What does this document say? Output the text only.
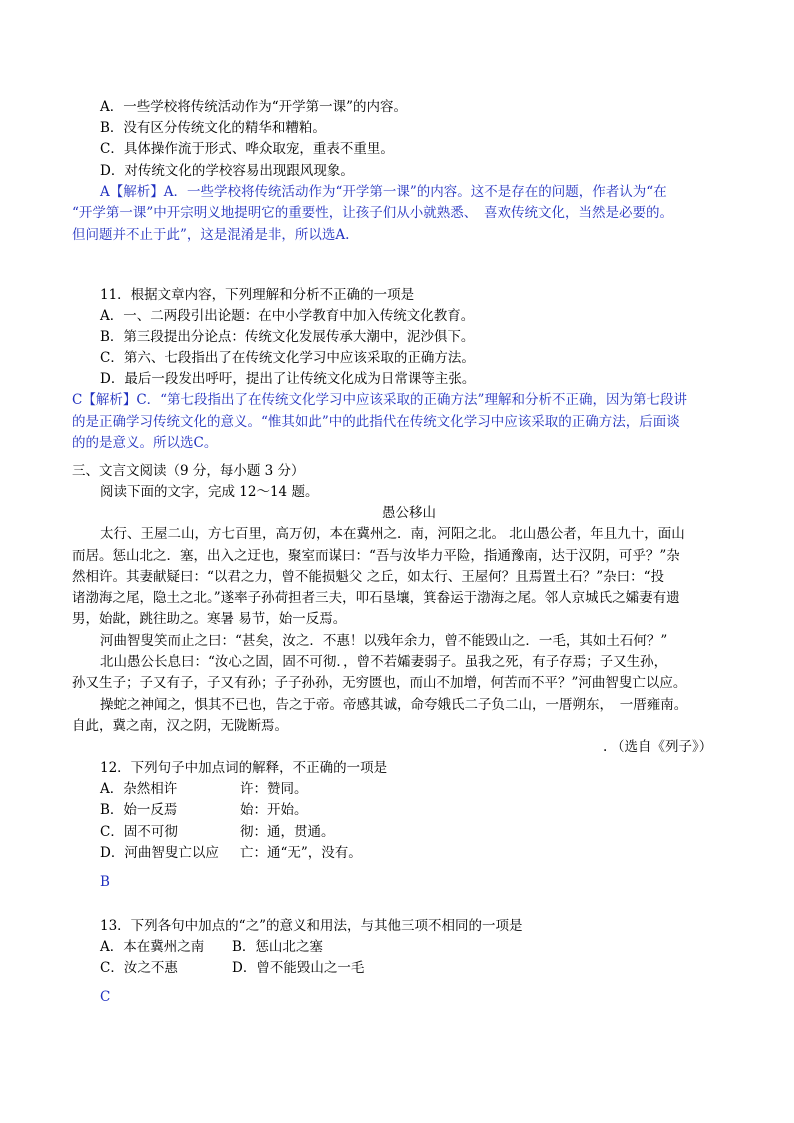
A．一些学校将传统活动作为“开学第一课”的内容。
B．没有区分传统文化的精华和糟粕。
C．具体操作流于形式、哗众取宠，重表不重里。
D．对传统文化的学校容易出现跟风现象。
A【解析】A．一些学校将传统活动作为“开学第一课”的内容。这不是存在的问题，作者认为“在
“开学第一课”中开宗明义地提明它的重要性，让孩子们从小就熟悉、　喜欢传统文化，当然是必要的。
但问题并不止于此”，这是混淆是非，所以选A.
11．根据文章内容，下列理解和分析不正确的一项是
A．一、二两段引出论题：在中小学教育中加入传统文化教育。
B．第三段提出分论点：传统文化发展传承大潮中，泥沙俱下。
C．第六、七段指出了在传统文化学习中应该采取的正确方法。
D．最后一段发出呼吁，提出了让传统文化成为日常课等主张。
C【解析】C．“第七段指出了在传统文化学习中应该采取的正确方法”理解和分析不正确，因为第七段讲
的是正确学习传统文化的意义。“惟其如此”中的此指代在传统文化学习中应该采取的正确方法，后面谈
的的是意义。所以选C。
三、文言文阅读（9 分，每小题 3 分）
阅读下面的文字，完成 12～14 题。
愚公移山
太行、王屋二山，方七百里，高万仞，本在冀州之．南，河阳之北。 北山愚公者，年且九十，面山
而居。惩山北之．塞，出入之迂也，聚室而谋曰：“吾与汝毕力平险，指通豫南，达于汉阴，可乎？”杂
然相许。其妻献疑曰：“以君之力，曾不能损魁父 之丘，如太行、王屋何？且焉置土石？”杂曰：“投
诸渤海之尾，隐土之北。”遂率子孙荷担者三夫，叩石垦壤，箕畚运于渤海之尾。邻人京城氏之孀妻有遗
男，始龀，跳往助之。寒暑 易节，始一反焉。
河曲智叟笑而止之曰：“甚矣，汝之．不惠！以残年余力，曾不能毁山之．一毛，其如土石何？”
北山愚公长息曰：“汝心之固，固不可彻．，曾不若孀妻弱子。虽我之死，有子存焉；子又生孙，
孙又生子；子又有子，子又有孙；子子孙孙，无穷匮也，而山不加增，何苦而不平？”河曲智叟亡以应。
操蛇之神闻之，惧其不已也，告之于帝。帝感其诚，命夸娥氏二子负二山，一厝朔东，　一厝雍南。
自此，冀之南，汉之阴，无陇断焉。
. （选自《列子》）
12．下列句子中加点词的解释，不正确的一项是
A．杂然相许	许：赞同。
B．始一反焉	始：开始。
C．固不可彻	彻：通，贯通。
D．河曲智叟亡以应 亡：通“无”，没有。
B
13．下列各句中加点的“之”的意义和用法，与其他三项不相同的一项是
A．本在冀州之南 B．惩山北之塞
C．汝之不惠	D．曾不能毁山之一毛
C
